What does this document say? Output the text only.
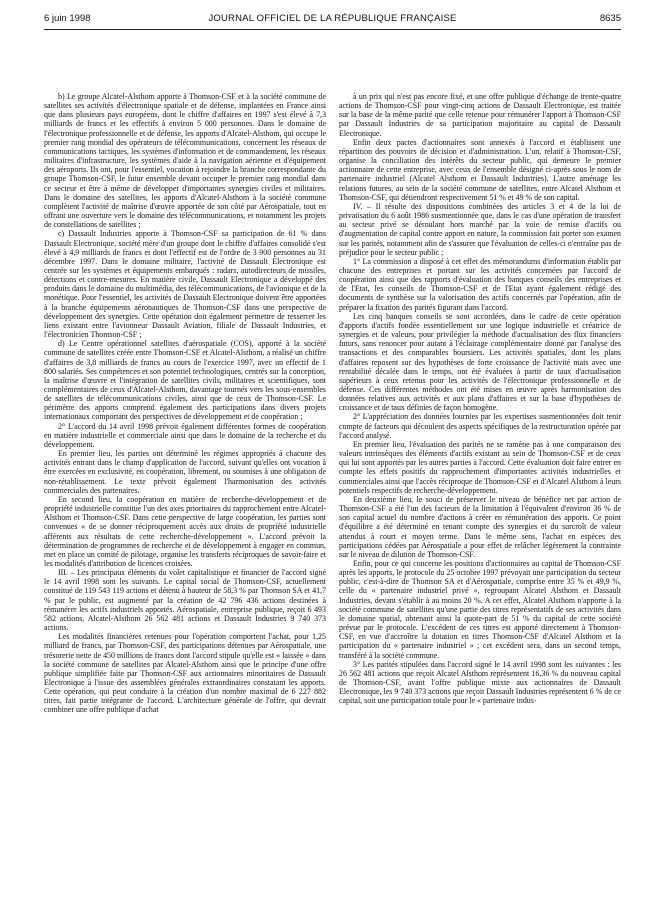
6 juin 1998	JOURNAL OFFICIEL DE LA RÉPUBLIQUE FRANÇAISE	8635

b) Le groupe Alcatel-Alsthom apporte à Thomson-CSF et à la société commune de satellites ses activités d'électronique spatiale et de défense, implantées en France ainsi que dans plusieurs pays européens, dont le chiffre d'affaires en 1997 s'est élevé à 7,3 milliards de francs et les effectifs à environ 5 000 personnes. Dans le domaine de l'électronique professionnelle et de défense, les apports d'Alcatel-Alsthom, qui occupe le premier rang mondial des opérateurs de télécommunications, concernent les réseaux de communications tactiques, les systèmes d'information et de commandement, les réseaux militaires d'infrastructure, les systèmes d'aide à la navigation aérienne et d'équipement des aéroports. Ils ont, pour l'essentiel, vocation à rejoindre la branche correspondante du groupe Thomson-CSF, le futur ensemble devant occuper le premier rang mondial dans ce secteur et être à même de développer d'importantes synergies civiles et militaires. Dans le domaine des satellites, les apports d'Alcatel-Alsthom à la société commune complètent l'activité de maîtrise d'œuvre apportée de son côté par Aérospatiale, tout en offrant une ouverture vers le domaine des télécommunications, et notamment les projets de constellations de satellites ;

c) Dassault Industries apporte à Thomson-CSF sa participation de 61 % dans Dassault Electronique, société mère d'un groupe dont le chiffre d'affaires consolidé s'est élevé à 4,9 milliards de francs et dont l'effectif est de l'ordre de 3 900 personnes au 31 décembre 1997. Dans le domaine militaire, l'activité de Dassault Electronique est centrée sur les systèmes et équipements embarqués : radars, autodirecteurs de missiles, détections et contre-mesures. En matière civile, Dassault Electronique a développé des produits dans le domaine du multimédia, des télécommunications, de l'avionique et de la monétique. Pour l'essentiel, les activités de Dassault Electronique doivent être apportées à la branche équipements aéronautiques de Thomson-CSF dans une perspective de développement des synergies. Cette opération doit également permettre de resserrer les liens existant entre l'avionneur Dassault Aviation, filiale de Dassault Industries, et l'électronicien Thomson-CSF ;

d) Le Centre opérationnel satellites d'aérospatiale (COS), apporté à la société commune de satellites créée entre Thomson-CSF et Alcatel-Alsthom, a réalisé un chiffre d'affaires de 3,8 milliards de francs au cours de l'exercice 1997, avec un effectif de 1 800 salariés. Ses compétences et son potentiel technologiques, centrés sur la conception, la maîtrise d'œuvre et l'intégration de satellites civils, militaires et scientifiques, sont complémentaires de ceux d'Alcatel-Alsthom, davantage tournés vers les sous-ensembles de satellites de télécommunications civiles, ainsi que de ceux de Thomson-CSF. Le périmètre des apports comprend également des participations dans divers projets internationaux comportant des perspectives de développement et de coopération ;

2° L'accord du 14 avril 1998 prévoit également différentes formes de coopération en matière industrielle et commerciale ainsi que dans le domaine de la recherche et du développement.

En premier lieu, les parties ont déterminé les régimes appropriés à chacune des activités entrant dans le champ d'application de l'accord, suivant qu'elles ont vocation à être exercées en exclusivité, en coopération, librement, ou soumises à une obligation de non-rétablissement. Le texte prévoit également l'harmonisation des activités commerciales des partenaires.

En second lieu, la coopération en matière de recherche-développement et de propriété industrielle constitue l'un des axes prioritaires du rapprochement entre Alcatel-Alsthom et Thomson-CSF. Dans cette perspective de large coopération, les parties sont convenues « de se donner réciproquement accès aux droits de propriété industrielle afférents aux résultats de cette recherche-développement ». L'accord prévoit la détermination de programmes de recherche et de développement à engager en commun, met en place un comité de pilotage, organise les transferts réciproques de savoir-faire et les modalités d'attribution de licences croisées.

III. – Les principaux éléments du volet capitalistique et financier de l'accord signé le 14 avril 1998 sont les suivants. Le capital social de Thomson-CSF, actuellement constitué de 119 543 119 actions et détenu à hauteur de 58,3 % par Thomson SA et 41,7 % par le public, est augmenté par la création de 42 796 436 actions destinées à rémunérer les actifs industriels apportés. Aérospatiale, entreprise publique, reçoit 6 493 582 actions, Alcatel-Alsthom 26 562 481 actions et Dassault Industries 9 740 373 actions.

Les modalités financières retenues pour l'opération comportent l'achat, pour 1,25 milliard de francs, par Thomson-CSF, des participations détenues par Aérospatiale, une trésorerie nette de 450 millions de francs dont l'accord stipule qu'elle est « laissée » dans la société commune de satellites par Alcatel-Alsthom ainsi que le principe d'une offre publique simplifiée faite par Thomson-CSF aux actionnaires minoritaires de Dassault Electronique à l'issue des assemblées générales extraordinaires constatant les apports. Cette opération, qui peut conduire à la création d'un nombre maximal de 6 227 882 titres, fait partie intégrante de l'accord. L'architecture générale de l'offre, qui devrait combiner une offre publique d'achat

à un prix qui n'est pas encore fixé, et une offre publique d'échange de trente-quatre actions de Thomson-CSF pour vingt-cinq actions de Dassault Electronique, est traitée sur la base de la même parité que celle retenue pour rémunérer l'apport à Thomson-CSF par Dassault Industries de sa participation majoritaire au capital de Dassault Electronique.

Enfin deux pactes d'actionnaires sont annexés à l'accord et établissent une répartition des pouvoirs de décision et d'administration. L'un, relatif à Thomson-CSF, organise la conciliation des intérêts du secteur public, qui demeure le premier actionnaire de cette entreprise, avec ceux de l'ensemble désigné ci-après sous le nom de partenaire industriel (Alcatel Alsthom et Dassault Industries). L'autre aménage les relations futures, au sein de la société commune de satellites, entre Alcatel Alsthom et Thomson-CSF, qui détiendront respectivement 51 % et 49 % de son capital.

IV. – Il résulte des dispositions combinées des articles 3 et 4 de la loi de privatisation du 6 août 1986 susmentionnée que, dans le cas d'une opération de transfert au secteur privé se déroulant hors marché par la voie de remise d'actifs ou d'augmentation de capital contre apport en nature, la commission fait porter son examen sur les parités, notamment afin de s'assurer que l'évaluation de celles-ci n'entraîne pas de préjudice pour le secteur public ;

1° La commission a disposé à cet effet des mémorandums d'information établis par chacune des entreprises et portant sur les activités concernées par l'accord de coopération ainsi que des rapports d'évaluation des banques conseils des entreprises et de l'Etat, les conseils de Thomson-CSF et de l'Etat ayant également rédigé des documents de synthèse sur la valorisation des actifs concernés par l'opération, afin de préparer la fixation des parités figurant dans l'accord.

Les cinq banques conseils se sont accordées, dans le cadre de cette opération d'apports d'actifs fondée essentiellement sur une logique industrielle et créatrice de synergies et de valeurs, pour privilégier la méthode d'actualisation des flux financiers futurs, sans renoncer pour autant à l'éclairage complémentaire donné par l'analyse des transactions et des comparables boursiers. Les activités spatiales, dont les plans d'affaires reposent sur des hypothèses de forte croissance de l'activité mais avec une rentabilité décalée dans le temps, ont été évaluées à partir de taux d'actualisation supérieurs à ceux retenus pour les activités de l'électronique professionnelle et de défense. Ces différentes méthodes ont été mises en œuvre après harmonisation des données relatives aux activités et aux plans d'affaires et sur la base d'hypothèses de croissance et de taux définies de façon homogène.

2° L'appréciation des données fournies par les expertises susmentionnées doit tenir compte de facteurs qui découlent des aspects spécifiques de la restructuration opérée par l'accord analysé.

En premier lieu, l'évaluation des parités ne se ramène pas à une comparaison des valeurs intrinsèques des éléments d'actifs existant au sein de Thomson-CSF et de ceux qui lui sont apportés par les autres parties à l'accord. Cette évaluation doit faire entrer en compte les effets positifs du rapprochement d'importantes activités industrielles et commerciales ainsi que l'accès réciproque de Thomson-CSF et d'Alcatel Alsthom à leurs potentiels respectifs de recherche-développement.

En deuxième lieu, le souci de préserver le niveau de bénéfice net par action de Thomson-CSF a été l'un des facteurs de la limitation à l'équivalent d'environ 36 % de son capital actuel du nombre d'actions à créer en rémunération des apports. Ce point d'équilibre a été déterminé en tenant compte des synergies et du surcroît de valeur attendus à court et moyen terme. Dans le même sens, l'achat en espèces des participations cédées par Aérospatiale a pour effet de relâcher légèrement la contrainte sur le niveau de dilution de Thomson-CSF.

Enfin, pour ce qui concerne les positions d'actionnaires au capital de Thomson-CSF après les apports, le protocole du 25 octobre 1997 prévoyait une participation du secteur public, c'est-à-dire de Thomson SA et d'Aérospatiale, comprise entre 35 % et 49,9 %, celle du « partenaire industriel privé », regroupant Alcatel Alsthom et Dassault Industries, devant s'établir à au moins 20 %. A cet effet, Alcatel Alsthom n'apporte à la société commune de satellites qu'une partie des titres représentatifs de ses activités dans le domaine spatial, obtenant ainsi la quote-part de 51 % du capital de cette société prévue par le protocole. L'excédent de ces titres est apporté directement à Thomson-CSF, en vue d'accroître la dotation en titres Thomson-CSF d'Alcatel Alsthom et la participation du « partenaire industriel » ; cet excédent sera, dans un second temps, transféré à la société commune.

3° Les parités stipulées dans l'accord signé le 14 avril 1998 sont les suivantes : les 26 562 481 actions que reçoit Alcatel Alsthom représentent 16,36 % du nouveau capital de Thomson-CSF, avant l'offre publique mixte aux actionnaires de Dassault Electronique, les 9 740 373 actions que reçoit Dassault Industries représentent 6 % de ce capital, soit une participation totale pour le « partenaire indus-
